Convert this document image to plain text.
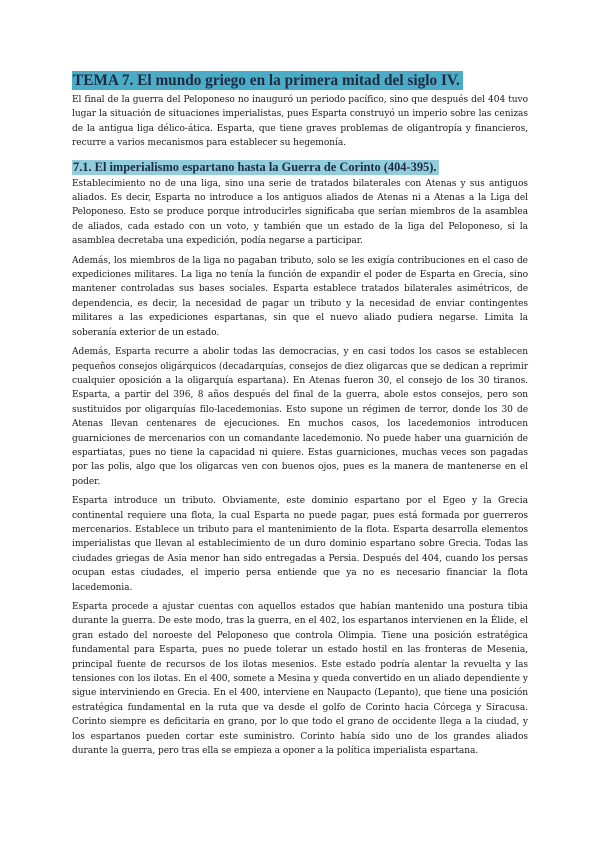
TEMA 7. El mundo griego en la primera mitad del siglo IV.

El final de la guerra del Peloponeso no inauguró un periodo pacífico, sino que después del 404 tuvo lugar la situación de situaciones imperialistas, pues Esparta construyó un imperio sobre las cenizas de la antigua liga délico-ática. Esparta, que tiene graves problemas de oligantropía y financieros, recurre a varios mecanismos para establecer su hegemonía.

7.1. El imperialismo espartano hasta la Guerra de Corinto (404-395).

Establecimiento no de una liga, sino una serie de tratados bilaterales con Atenas y sus antiguos aliados. Es decir, Esparta no introduce a los antiguos aliados de Atenas ni a Atenas a la Liga del Peloponeso. Esto se produce porque introducirles significaba que serían miembros de la asamblea de aliados, cada estado con un voto, y también que un estado de la liga del Peloponeso, si la asamblea decretaba una expedición, podía negarse a participar.

Además, los miembros de la liga no pagaban tributo, solo se les exigía contribuciones en el caso de expediciones militares. La liga no tenía la función de expandir el poder de Esparta en Grecia, sino mantener controladas sus bases sociales. Esparta establece tratados bilaterales asimétricos, de dependencia, es decir, la necesidad de pagar un tributo y la necesidad de enviar contingentes militares a las expediciones espartanas, sin que el nuevo aliado pudiera negarse. Limita la soberanía exterior de un estado.

Además, Esparta recurre a abolir todas las democracias, y en casi todos los casos se establecen pequeños consejos oligárquicos (decadarquías, consejos de diez oligarcas que se dedican a reprimir cualquier oposición a la oligarquía espartana). En Atenas fueron 30, el consejo de los 30 tiranos. Esparta, a partir del 396, 8 años después del final de la guerra, abole estos consejos, pero son sustituidos por oligarquías filo-lacedemonias. Esto supone un régimen de terror, donde los 30 de Atenas llevan centenares de ejecuciones. En muchos casos, los lacedemonios introducen guarniciones de mercenarios con un comandante lacedemonio. No puede haber una guarnición de espartiatas, pues no tiene la capacidad ni quiere. Estas guarniciones, muchas veces son pagadas por las polis, algo que los oligarcas ven con buenos ojos, pues es la manera de mantenerse en el poder.

Esparta introduce un tributo. Obviamente, este dominio espartano por el Egeo y la Grecia continental requiere una flota, la cual Esparta no puede pagar, pues está formada por guerreros mercenarios. Establece un tributo para el mantenimiento de la flota. Esparta desarrolla elementos imperialistas que llevan al establecimiento de un duro dominio espartano sobre Grecia. Todas las ciudades griegas de Asia menor han sido entregadas a Persia. Después del 404, cuando los persas ocupan estas ciudades, el imperio persa entiende que ya no es necesario financiar la flota lacedemonia.

Esparta procede a ajustar cuentas con aquellos estados que habían mantenido una postura tibia durante la guerra. De este modo, tras la guerra, en el 402, los espartanos intervienen en la Élide, el gran estado del noroeste del Peloponeso que controla Olimpia. Tiene una posición estratégica fundamental para Esparta, pues no puede tolerar un estado hostil en las fronteras de Mesenia, principal fuente de recursos de los ilotas mesenios. Este estado podría alentar la revuelta y las tensiones con los ilotas. En el 400, somete a Mesina y queda convertido en un aliado dependiente y sigue interviniendo en Grecia. En el 400, interviene en Naupacto (Lepanto), que tiene una posición estratégica fundamental en la ruta que va desde el golfo de Corinto hacia Córcega y Siracusa. Corinto siempre es deficitaria en grano, por lo que todo el grano de occidente llega a la ciudad, y los espartanos pueden cortar este suministro. Corinto había sido uno de los grandes aliados durante la guerra, pero tras ella se empieza a oponer a la política imperialista espartana.
